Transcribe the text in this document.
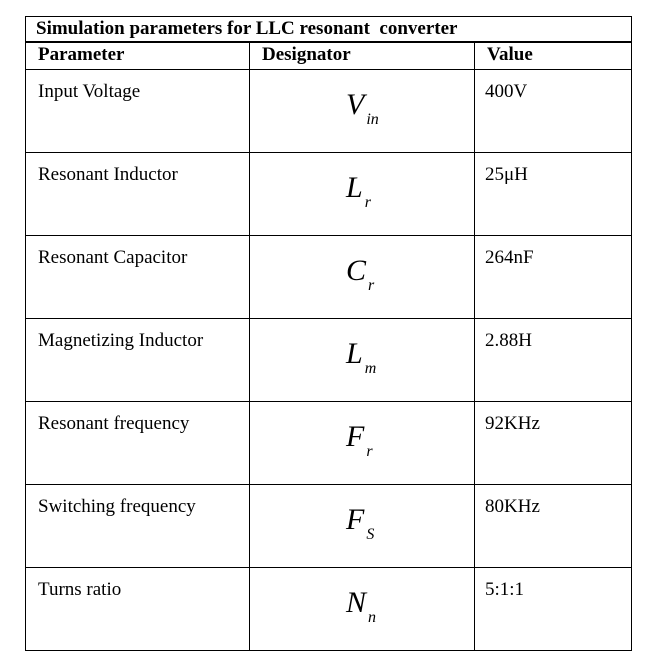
Simulation parameters for LLC resonant  converter		
Parameter	Designator	Value
Input Voltage	V $_{in}$	400V
Resonant Inductor	L $_r$	25μH
Resonant Capacitor	C $_r$	264nF
Magnetizing Inductor	L $_m$	2.88H
Resonant frequency	F $_r$	92KHz
Switching frequency	F $_S$	80KHz
Turns ratio	N $_n$	5:1:1
